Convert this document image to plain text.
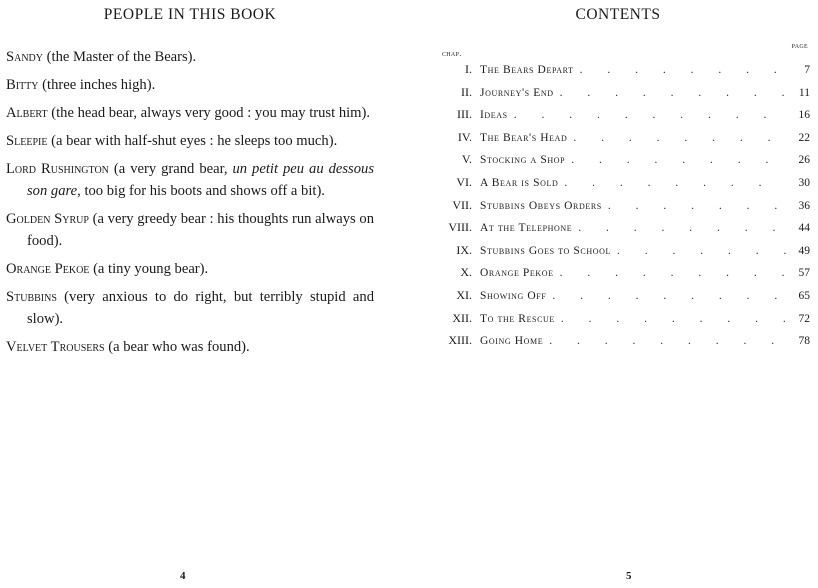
PEOPLE IN THIS BOOK
Sandy (the Master of the Bears).
Bitty (three inches high).
Albert (the head bear, always very good : you may trust him).
Sleepie (a bear with half-shut eyes : he sleeps too much).
Lord Rushington (a very grand bear, un petit peu au dessous son gare, too big for his boots and shows off a bit).
Golden Syrup (a very greedy bear : his thoughts run always on food).
Orange Pekoe (a tiny young bear).
Stubbins (very anxious to do right, but terribly stupid and slow).
Velvet Trousers (a bear who was found).
4
CONTENTS
chap.
page
I. The Bears Depart . . .	7
II. Journey's End . . .	11
III. Ideas . . .	16
IV. The Bear's Head . . .	22
V. Stocking a Shop . . .	26
VI. A Bear is Sold . . .	30
VII. Stubbins Obeys Orders . . .	36
VIII. At the Telephone . . .	44
IX. Stubbins Goes to School . . .	49
X. Orange Pekoe . . .	57
XI. Showing Off . . .	65
XII. To the Rescue . . .	72
XIII. Going Home . . .	78
5
